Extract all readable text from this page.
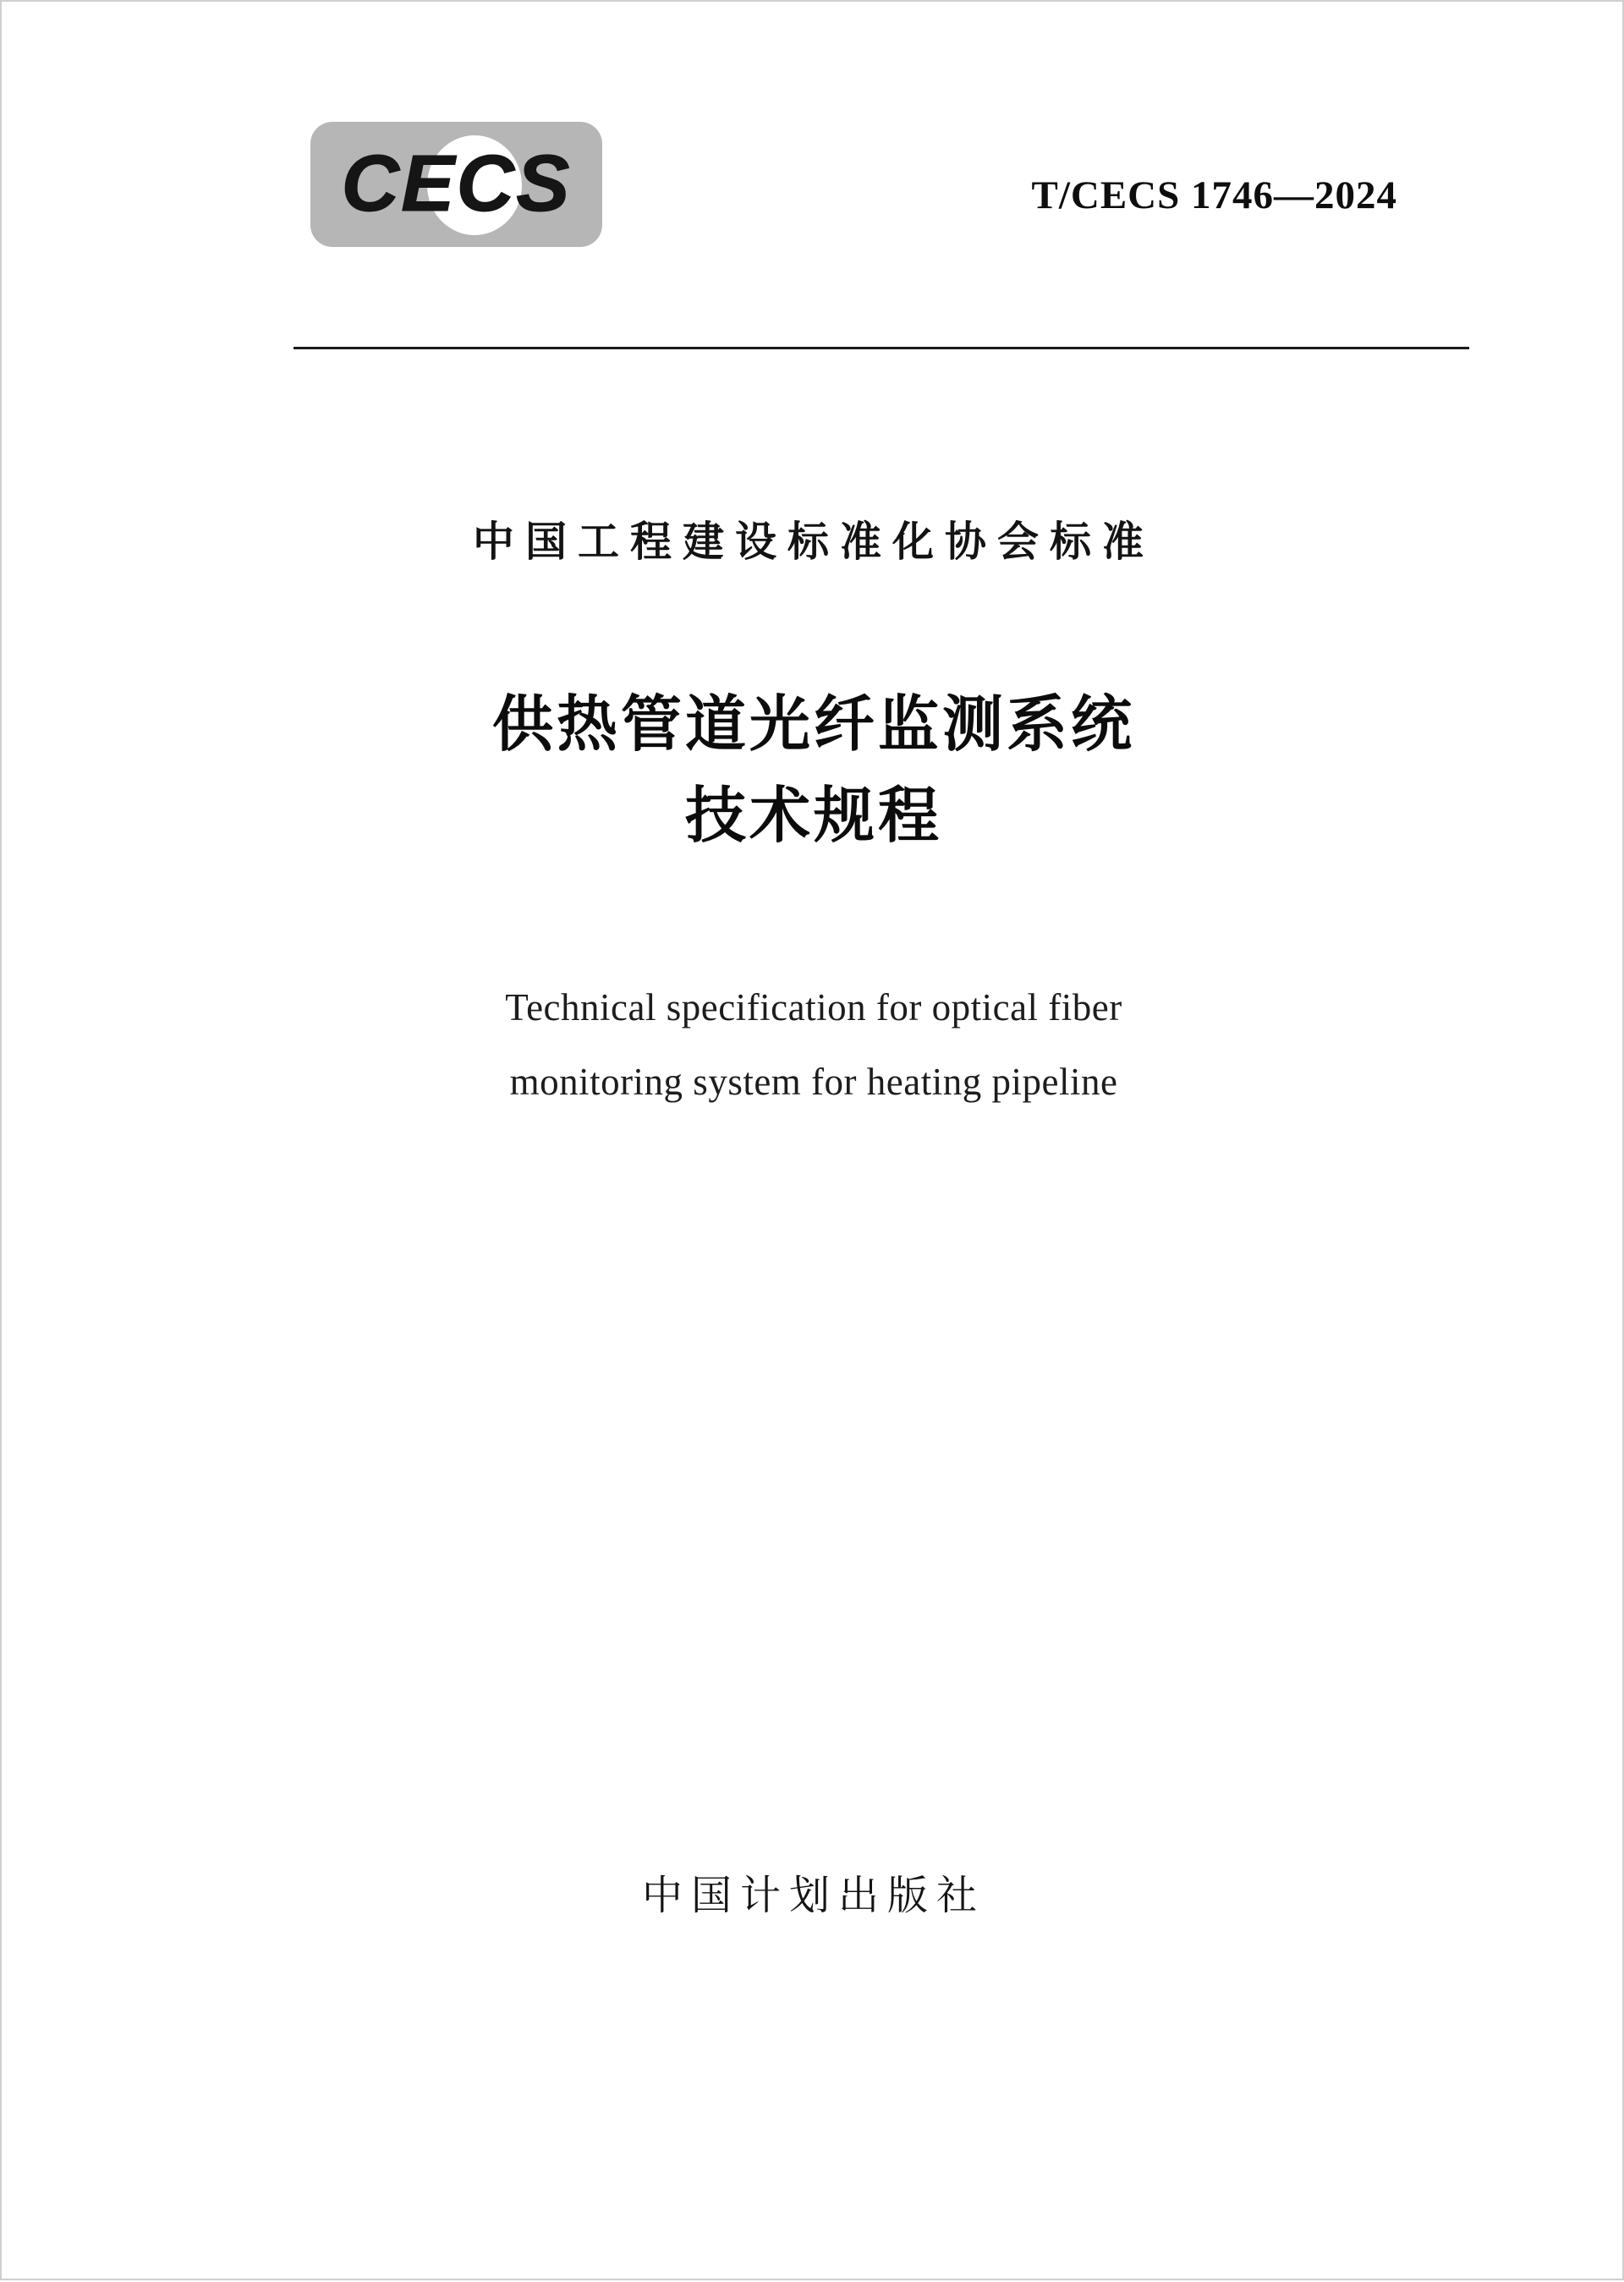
CECS	T/CECS 1746—2024
中国工程建设标准化协会标准
供热管道光纤监测系统
技术规程
Technical specification for optical fiber
monitoring system for heating pipeline
中国计划出版社
